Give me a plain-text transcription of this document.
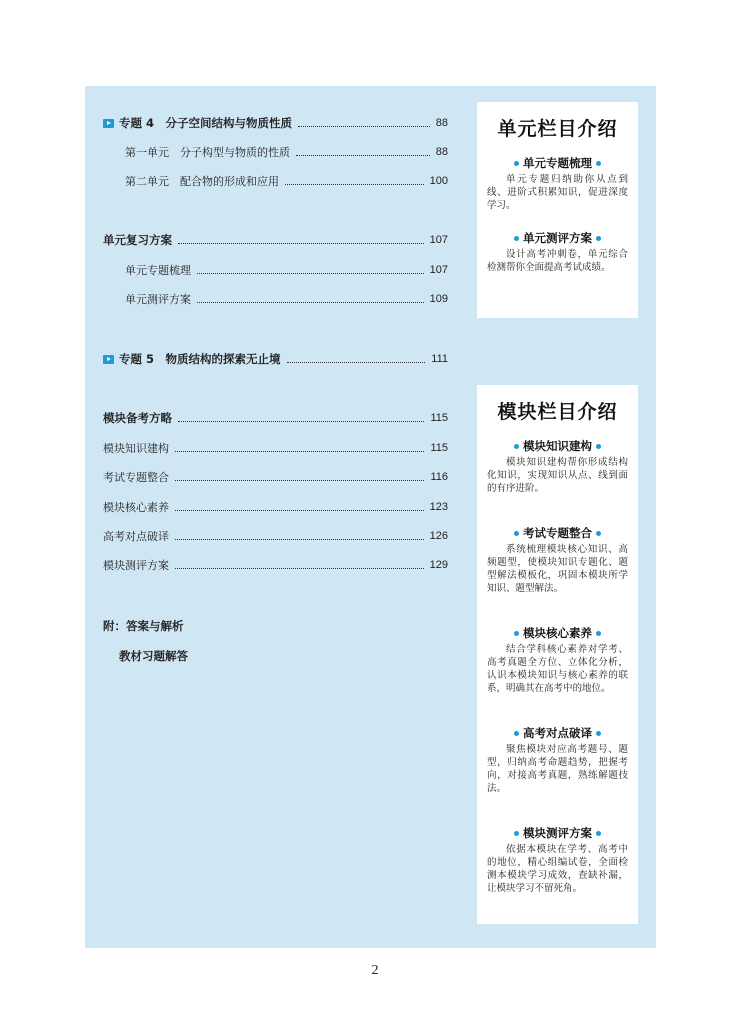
专题 4　分子空间结构与物质性质	88
第一单元　分子构型与物质的性质	88
第二单元　配合物的形成和应用	100
单元复习方案	107
单元专题梳理	107
单元测评方案	109
专题 5　物质结构的探索无止境	111
模块备考方略	115
模块知识建构	115
考试专题整合	116
模块核心素养	123
高考对点破译	126
模块测评方案	129
附：答案与解析
教材习题解答
单元栏目介绍
单元专题梳理
单元专题归纳助你从点到线、进阶式积累知识，促进深度学习。
单元测评方案
设计高考冲刺卷，单元综合检测帮你全面提高考试成绩。
模块栏目介绍
模块知识建构
模块知识建构帮你形成结构化知识，实现知识从点、线到面的有序进阶。
考试专题整合
系统梳理模块核心知识、高频题型，使模块知识专题化、题型解法模板化，巩固本模块所学知识、题型解法。
模块核心素养
结合学科核心素养对学考、高考真题全方位、立体化分析，认识本模块知识与核心素养的联系，明确其在高考中的地位。
高考对点破译
聚焦模块对应高考题号、题型，归纳高考命题趋势，把握考向，对接高考真题，熟练解题技法。
模块测评方案
依据本模块在学考、高考中的地位，精心组编试卷，全面检测本模块学习成效，查缺补漏，让模块学习不留死角。
2
